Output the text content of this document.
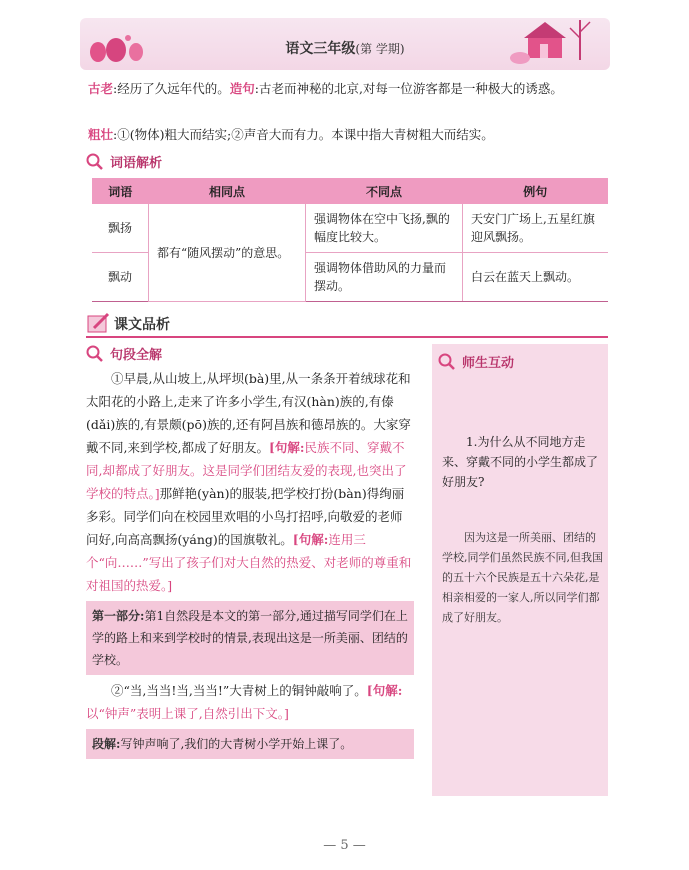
语文三年级(第 学期)
古老:经历了久远年代的。造句:古老而神秘的北京,对每一位游客都是一种极大的诱惑。
粗壮:①(物体)粗大而结实;②声音大而有力。本课中指大青树粗大而结实。
词语解析
词语	相同点	不同点	例句
飘扬	都有“随风摆动”的意思。	强调物体在空中飞扬,飘的幅度比较大。	天安门广场上,五星红旗迎风飘扬。
飘动		强调物体借助风的力量而摆动。	白云在蓝天上飘动。
课文品析
句段全解

①早晨,从山坡上,从坪坝(bà)里,从一条条开着绒球花和太阳花的小路上,走来了许多小学生,有汉(hàn)族的,有傣(dǎi)族的,有景颇(pō)族的,还有阿昌族和德昂族的。大家穿戴不同,来到学校,都成了好朋友。[句解:民族不同、穿戴不同,却都成了好朋友。这是同学们团结友爱的表现,也突出了学校的特点。]那鲜艳(yàn)的服装,把学校打扮(bàn)得绚丽多彩。同学们向在校园里欢唱的小鸟打招呼,向敬爱的老师问好,向高高飘扬(yáng)的国旗敬礼。[句解:连用三个“向……”写出了孩子们对大自然的热爱、对老师的尊重和对祖国的热爱。]

第一部分:第1自然段是本文的第一部分,通过描写同学们在上学的路上和来到学校时的情景,表现出这是一所美丽、团结的学校。

②“当,当当!当,当当!”大青树上的铜钟敲响了。[句解:以“钟声”表明上课了,自然引出下文。]

段解:写钟声响了,我们的大青树小学开始上课了。
师生互动
1.为什么从不同地方走来、穿戴不同的小学生都成了好朋友?
因为这是一所美丽、团结的学校,同学们虽然民族不同,但我国的五十六个民族是五十六朵花,是相亲相爱的一家人,所以同学们都成了好朋友。
— 5 —
